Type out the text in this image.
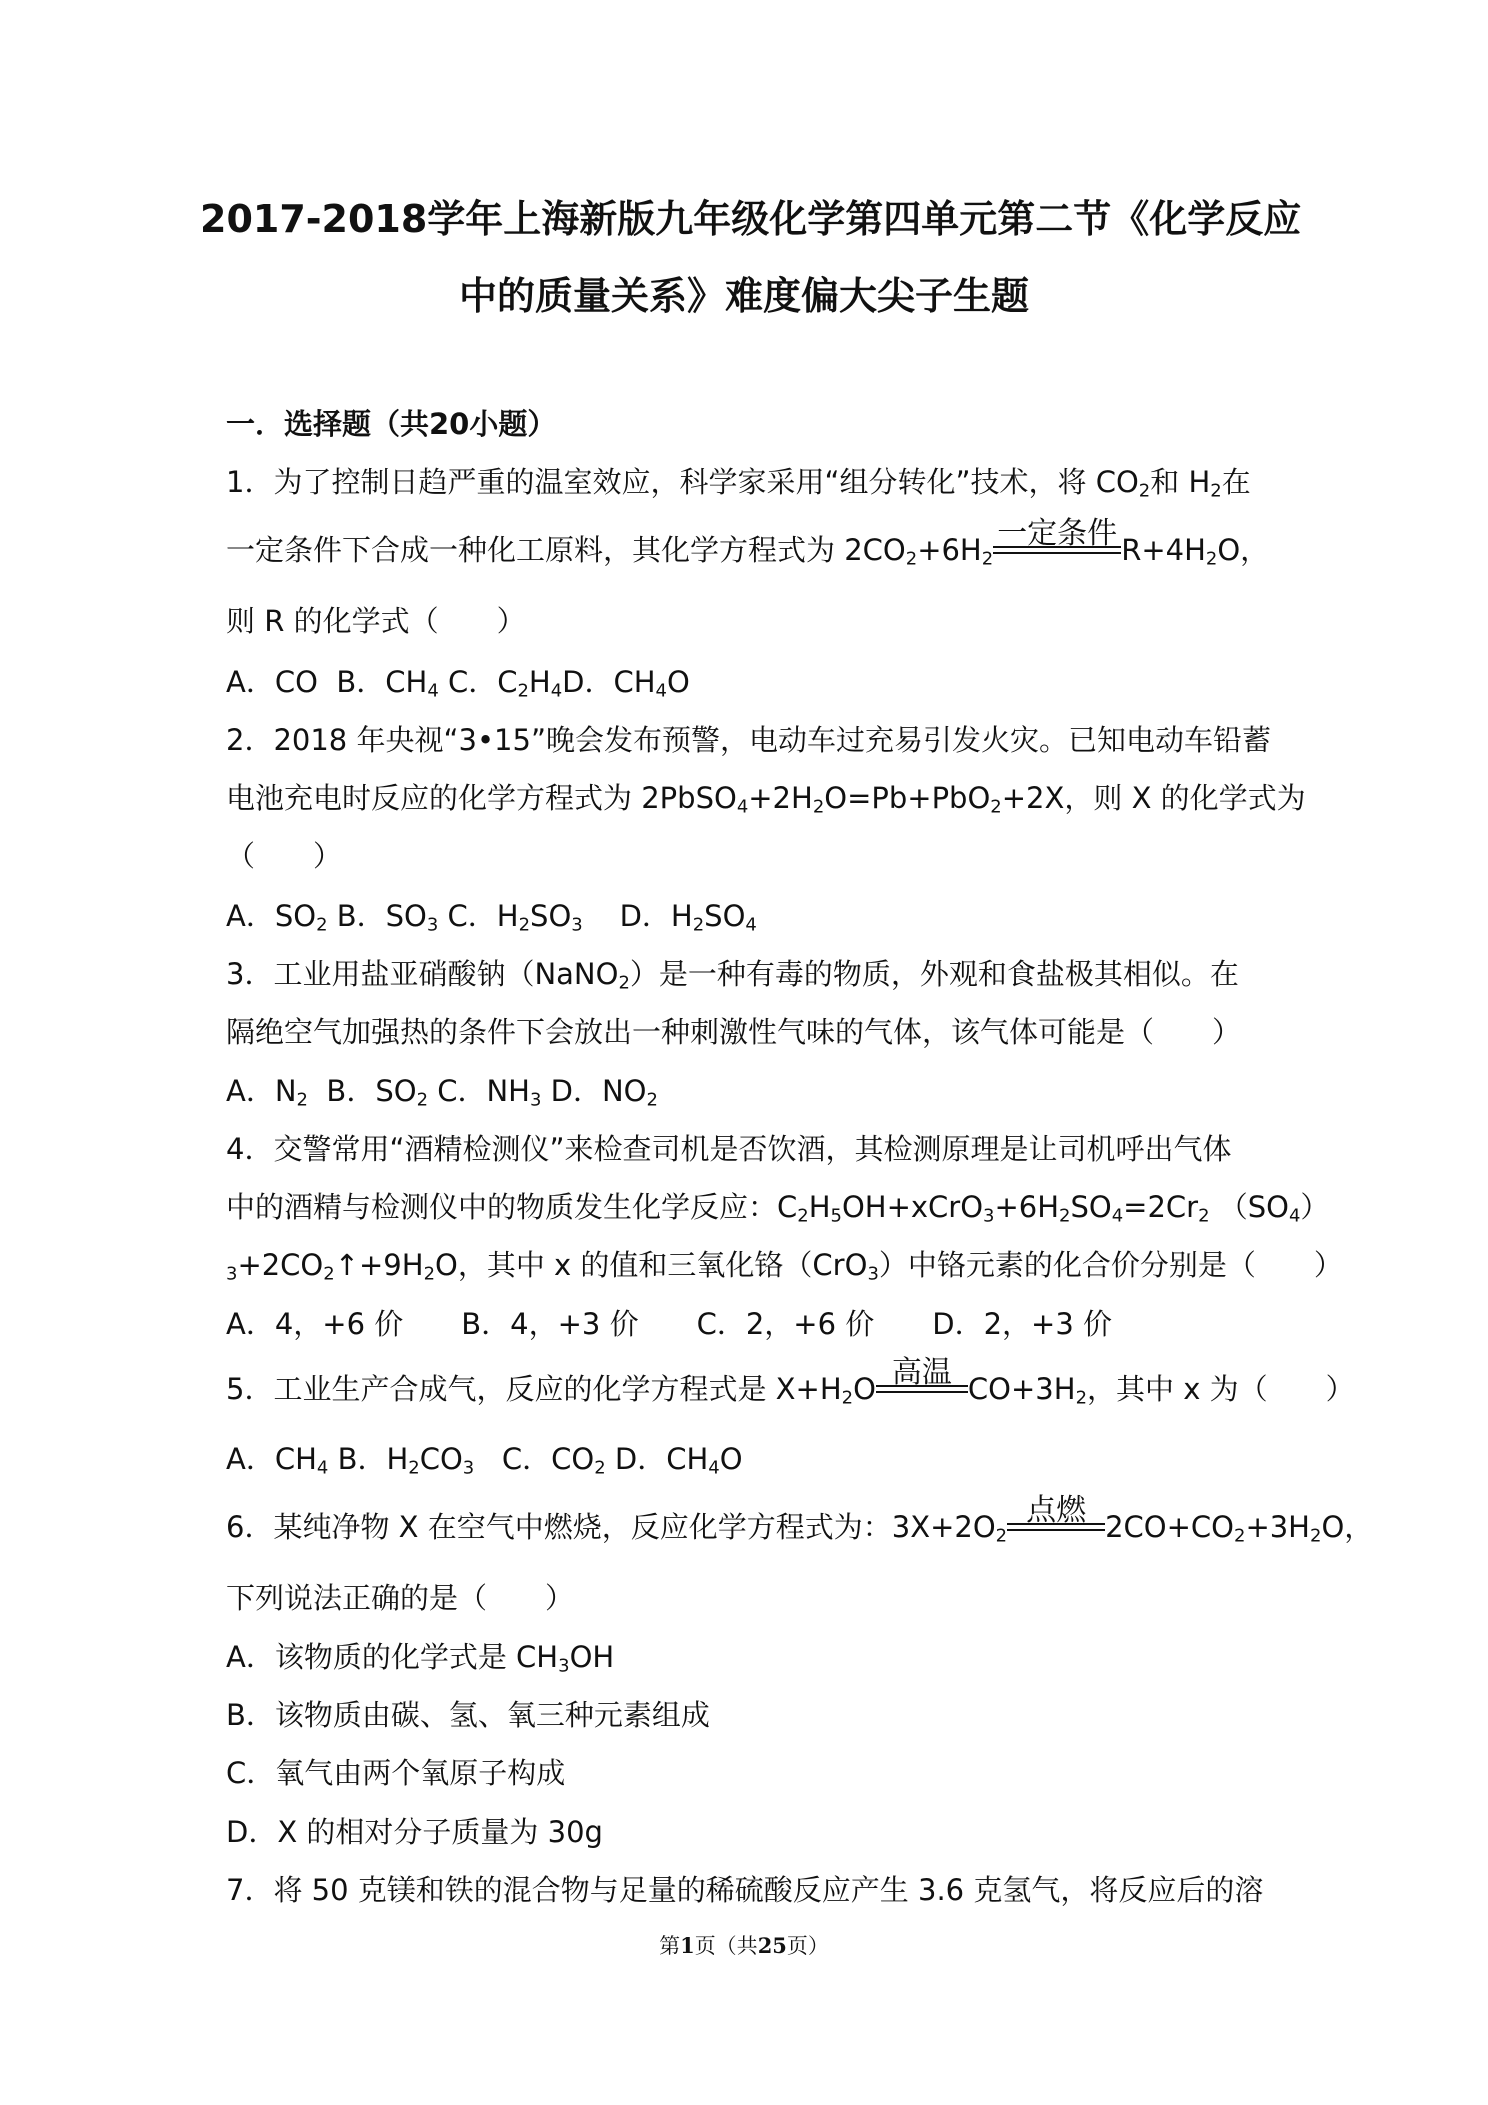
2017-2018学年上海新版九年级化学第四单元第二节《化学反应
中的质量关系》难度偏大尖子生题
一．选择题（共20小题）
1．为了控制日趋严重的温室效应，科学家采用“组分转化”技术，将 $CO_2$和 $H_2$在
一定条件下合成一种化工原料，其化学方程式为 $2CO_2+6H_2$
一定条件 $R+4H_2O$，
则 R 的化学式（　　）
A．CO B．$CH_4$ C．$C_2H_4D$．$CH_4O$
2．2018 年央视“3•15”晚会发布预警，电动车过充易引发火灾。已知电动车铅蓄
电池充电时反应的化学方程式为 $2PbSO_4+2H_2O=Pb+PbO_2+2X$，则 X 的化学式为
（　　）
A．$SO_2$ B．$SO_3$ C．$H_2SO_3$ D．$H_2SO_4$
3．工业用盐亚硝酸钠（NaNO$_2$）是一种有毒的物质，外观和食盐极其相似。在
隔绝空气加强热的条件下会放出一种刺激性气味的气体，该气体可能是（　　）
A．$N_2$ B．$SO_2$ C．$NH_3$ D．$NO_2$
4．交警常用“酒精检测仪”来检查司机是否饮酒，其检测原理是让司机呼出气体
中的酒精与检测仪中的物质发生化学反应：$C_2H_5OH+xCrO_3+6H_2SO_4=2Cr_2$ $(SO_4)$
$_3+2CO_2↑+9H_2O$，其中 x 的值和三氧化铬（CrO$_3$）中铬元素的化合价分别是（　　）
A．4，+6 价　　B．4，+3 价　　C．2，+6 价　　D．2，+3 价
5．工业生产合成气，反应的化学方程式是 $X+H_2O$ 高温 $CO+3H_2$，其中 x 为（　　）
A．$CH_4$ B．$H_2CO_3$ C．$CO_2$ D．$CH_4O$
6．某纯净物 X 在空气中燃烧，反应化学方程式为：$3X+2O_2$
点燃 $2CO+CO_2+3H_2O$，
下列说法正确的是（　　）
A．该物质的化学式是 $CH_3OH$
B．该物质由碳、氢、氧三种元素组成
C．氧气由两个氧原子构成
D．X 的相对分子质量为 30g
7．将 50 克镁和铁的混合物与足量的稀硫酸反应产生 3.6 克氢气，将反应后的溶
第1页（共25页）
